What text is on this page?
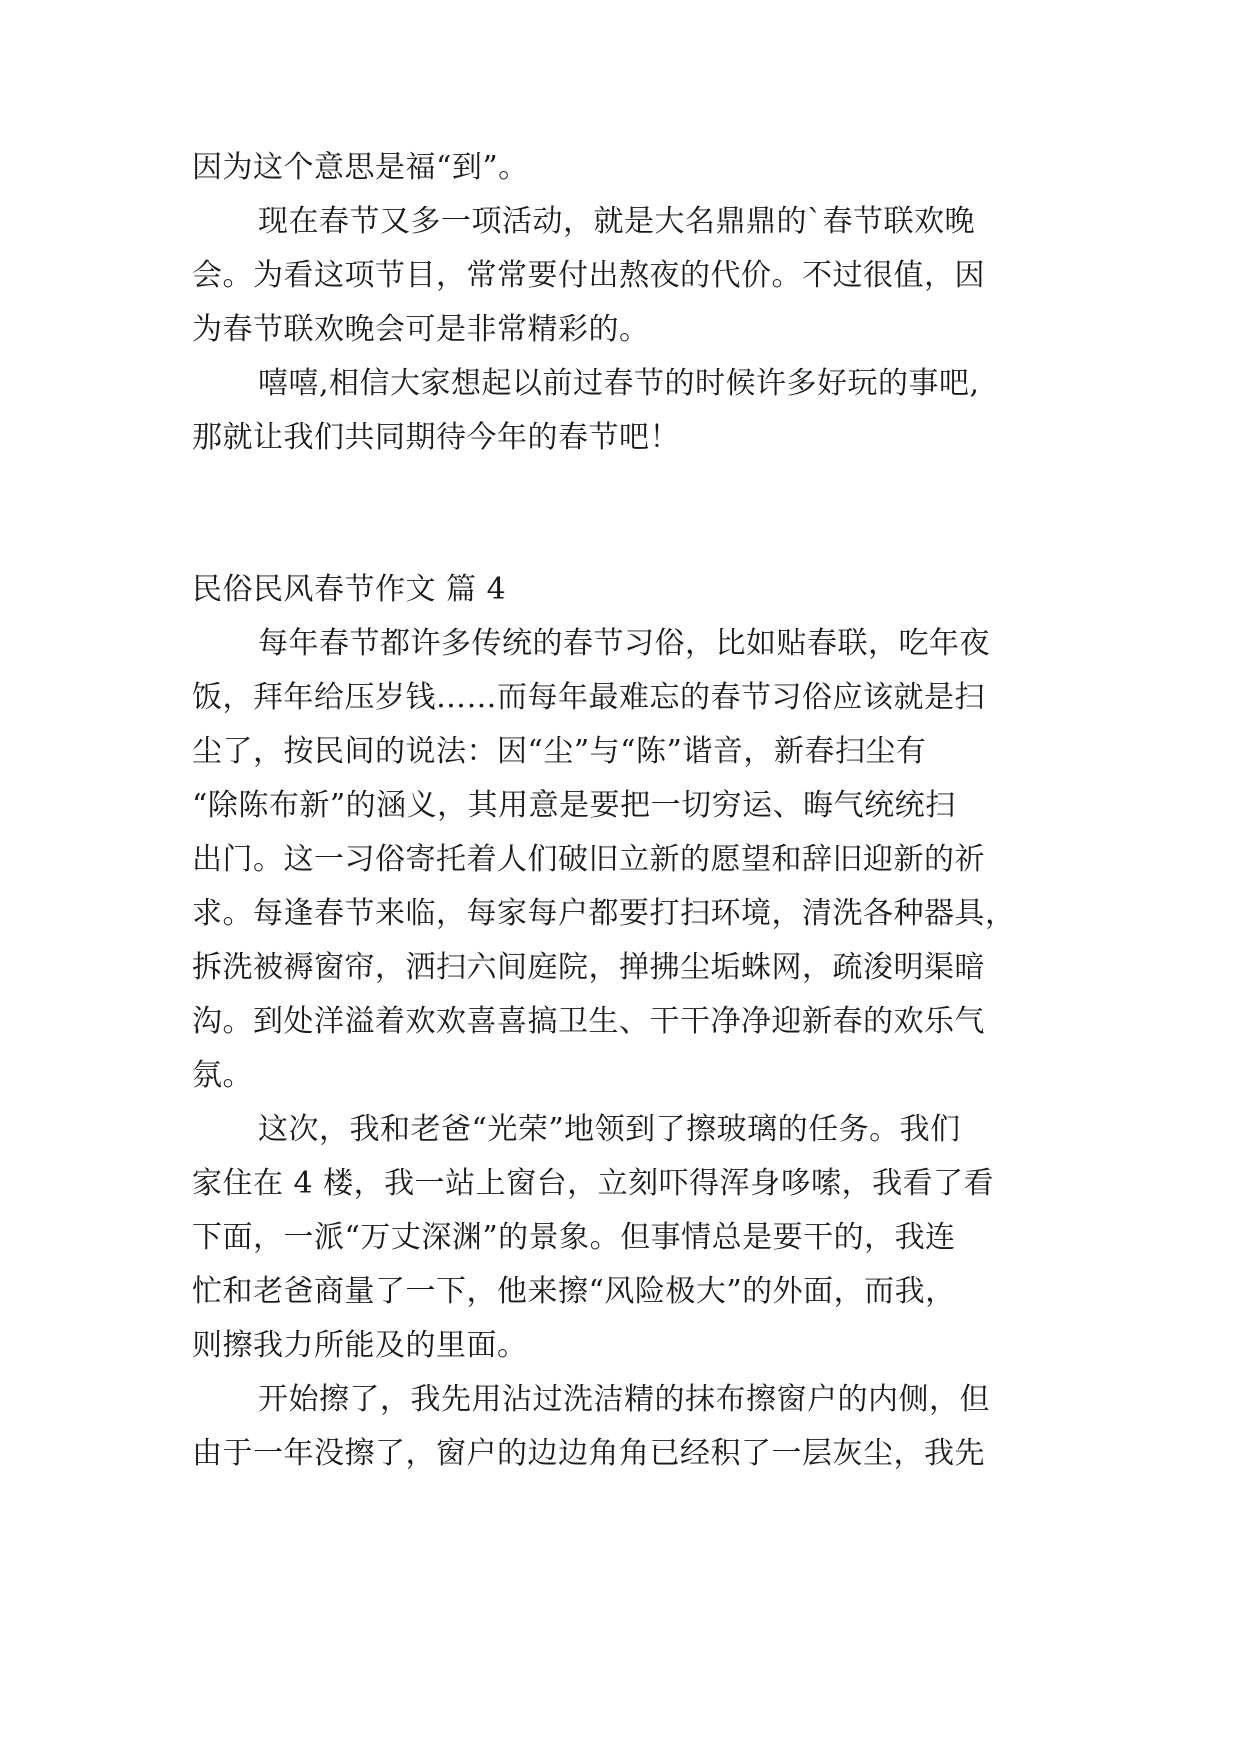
因为这个意思是福“到”。
现在春节又多一项活动，就是大名鼎鼎的`春节联欢晚
会。为看这项节目，常常要付出熬夜的代价。不过很值，因
为春节联欢晚会可是非常精彩的。
嘻嘻,相信大家想起以前过春节的时候许多好玩的事吧,
那就让我们共同期待今年的春节吧！
民俗民风春节作文 篇 4
每年春节都许多传统的春节习俗，比如贴春联，吃年夜
饭，拜年给压岁钱……而每年最难忘的春节习俗应该就是扫
尘了，按民间的说法：因“尘”与“陈”谐音，新春扫尘有
“除陈布新”的涵义，其用意是要把一切穷运、晦气统统扫
出门。这一习俗寄托着人们破旧立新的愿望和辞旧迎新的祈
求。每逢春节来临，每家每户都要打扫环境，清洗各种器具，
拆洗被褥窗帘，洒扫六间庭院，掸拂尘垢蛛网，疏浚明渠暗
沟。到处洋溢着欢欢喜喜搞卫生、干干净净迎新春的欢乐气
氛。
这次，我和老爸“光荣”地领到了擦玻璃的任务。我们
家住在 4 楼，我一站上窗台，立刻吓得浑身哆嗦，我看了看
下面，一派“万丈深渊”的景象。但事情总是要干的，我连
忙和老爸商量了一下，他来擦“风险极大”的外面，而我，
则擦我力所能及的里面。
开始擦了，我先用沾过洗洁精的抹布擦窗户的内侧，但
由于一年没擦了，窗户的边边角角已经积了一层灰尘，我先
